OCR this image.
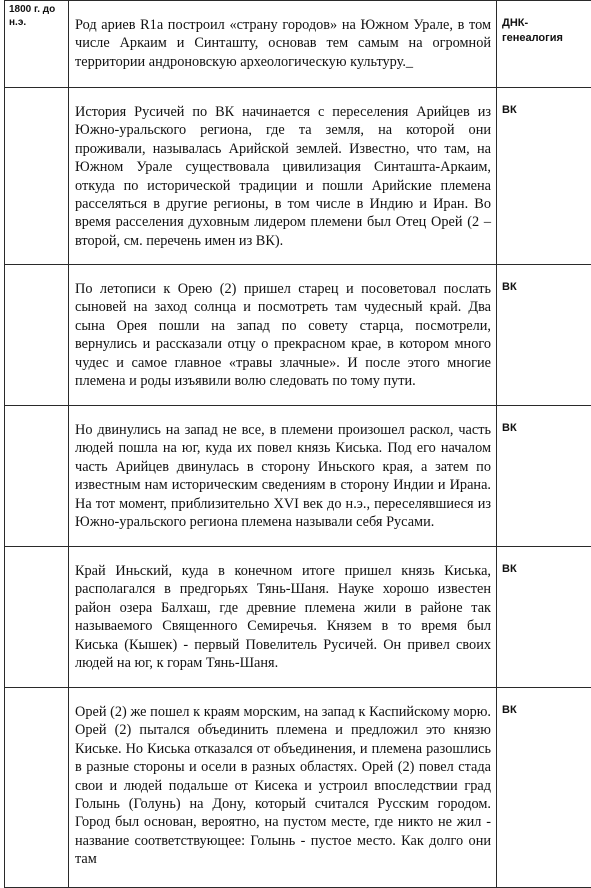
1800 г. до н.э.	Род ариев R1a построил «страну городов» на Южном Урале, в том числе Аркаим и Синташту, основав тем самым на огромной территории андроновскую археологическую культуру._	ДНК-генеалогия

	История Русичей по ВК начинается с переселения Арийцев из Южно-уральского региона, где та земля, на которой они проживали, называлась Арийской землей. Известно, что там, на Южном Урале существовала цивилизация Синташта-Аркаим, откуда по исторической традиции и пошли Арийские племена расселяться в другие регионы, в том числе в Индию и Иран. Во время расселения духовным лидером племени был Отец Орей (2 – второй, см. перечень имен из ВК).	ВК

	По летописи к Орею (2) пришел старец и посоветовал послать сыновей на заход солнца и посмотреть там чудесный край. Два сына Орея пошли на запад по совету старца, посмотрели, вернулись и рассказали отцу о прекрасном крае, в котором много чудес и самое главное «травы злачные». И после этого многие племена и роды изъявили волю следовать по тому пути.	ВК

	Но двинулись на запад не все, в племени произошел раскол, часть людей пошла на юг, куда их повел князь Киська. Под его началом часть Арийцев двинулась в сторону Иньского края, а затем по известным нам историческим сведениям в сторону Индии и Ирана. На тот момент, приблизительно XVI век до н.э., переселявшиеся из Южно-уральского региона племена называли себя Русами.	ВК

	Край Иньский, куда в конечном итоге пришел князь Киська, располагался в предгорьях Тянь-Шаня. Науке хорошо известен район озера Балхаш, где древние племена жили в районе так называемого Священного Семиречья. Князем в то время был Киська (Кышек) - первый Повелитель Русичей. Он привел своих людей на юг, к горам Тянь-Шаня.	ВК

	Орей (2) же пошел к краям морским, на запад к Каспийскому морю. Орей (2) пытался объединить племена и предложил это князю Киське. Но Киська отказался от объединения, и племена разошлись в разные стороны и осели в разных областях. Орей (2) повел стада свои и людей подальше от Кисека и устроил впоследствии град Голынь (Голунь) на Дону, который считался Русским городом. Город был основан, вероятно, на пустом месте, где никто не жил - название соответствующее: Голынь - пустое место. Как долго они там	ВК
